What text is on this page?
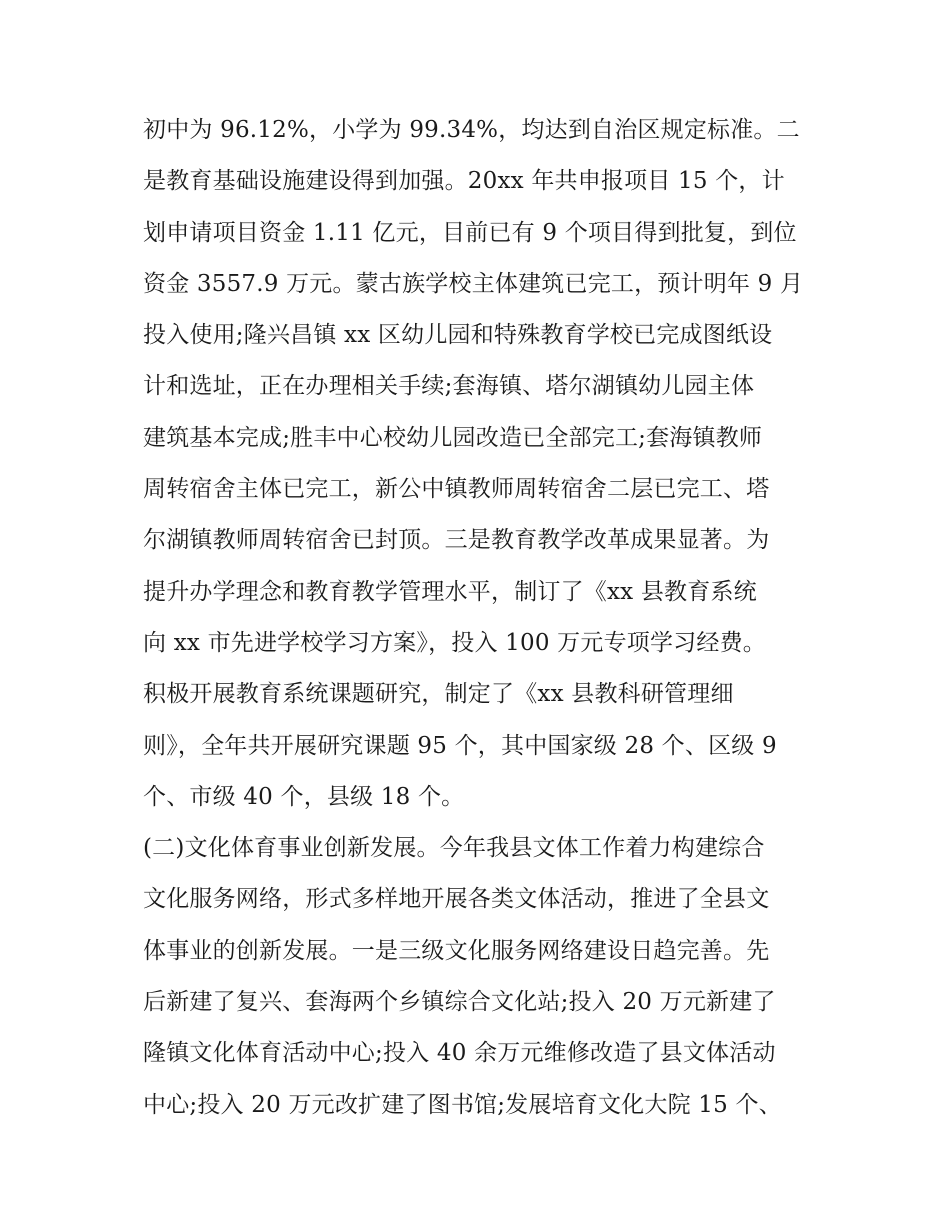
初中为 96.12%，小学为 99.34%，均达到自治区规定标准。二
是教育基础设施建设得到加强。20xx 年共申报项目 15 个，计
划申请项目资金 1.11 亿元，目前已有 9 个项目得到批复，到位
资金 3557.9 万元。蒙古族学校主体建筑已完工，预计明年 9 月
投入使用;隆兴昌镇 xx 区幼儿园和特殊教育学校已完成图纸设
计和选址，正在办理相关手续;套海镇、塔尔湖镇幼儿园主体
建筑基本完成;胜丰中心校幼儿园改造已全部完工;套海镇教师
周转宿舍主体已完工，新公中镇教师周转宿舍二层已完工、塔
尔湖镇教师周转宿舍已封顶。三是教育教学改革成果显著。为
提升办学理念和教育教学管理水平，制订了《xx 县教育系统
向 xx 市先进学校学习方案》，投入 100 万元专项学习经费。
积极开展教育系统课题研究，制定了《xx 县教科研管理细
则》，全年共开展研究课题 95 个，其中国家级 28 个、区级 9
个、市级 40 个，县级 18 个。
(二)文化体育事业创新发展。今年我县文体工作着力构建综合
文化服务网络，形式多样地开展各类文体活动，推进了全县文
体事业的创新发展。一是三级文化服务网络建设日趋完善。先
后新建了复兴、套海两个乡镇综合文化站;投入 20 万元新建了
隆镇文化体育活动中心;投入 40 余万元维修改造了县文体活动
中心;投入 20 万元改扩建了图书馆;发展培育文化大院 15 个、
